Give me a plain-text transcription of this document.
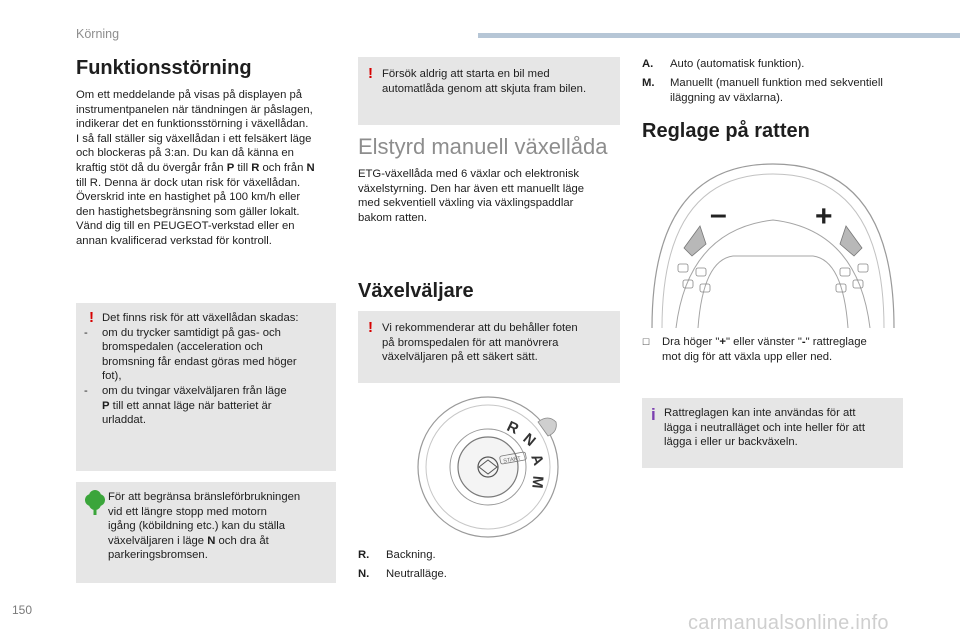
Körning
Funktionsstörning
Om ett meddelande på visas på displayen på
instrumentpanelen när tändningen är påslagen,
indikerar det en funktionsstörning i växellådan.
I så fall ställer sig växellådan i ett felsäkert läge
och blockeras på 3:an. Du kan då känna en
kraftig stöt då du övergår från P till R och från N
till R. Denna är dock utan risk för växellådan.
Överskrid inte en hastighet på 100 km/h eller
den hastighetsbegränsning som gäller lokalt.
Vänd dig till en PEUGEOT-verkstad eller en
annan kvalificerad verkstad för kontroll.
! Det finns risk för att växellådan skadas:
- om du trycker samtidigt på gas- och
bromspedalen (acceleration och
bromsning får endast göras med höger
fot),
- om du tvingar växelväljaren från läge
P till ett annat läge när batteriet är
urladdat.
För att begränsa bränsleförbrukningen
vid ett längre stopp med motorn
igång (köbildning etc.) kan du ställa
växelväljaren i läge N och dra åt
parkeringsbromsen.
! Försök aldrig att starta en bil med
automatlåda genom att skjuta fram bilen.
Elstyrd manuell växellåda
ETG-växellåda med 6 växlar och elektronisk
växelstyrning. Den har även ett manuellt läge
med sekventiell växling via växlingspaddlar
bakom ratten.
Växelväljare
! Vi rekommenderar att du behåller foten
på bromspedalen för att manövrera
växelväljaren på ett säkert sätt.
START
R
N
A
M
R. Backning.
N. Neutralläge.
A. Auto (automatisk funktion).
M. Manuellt (manuell funktion med sekventiell
iläggning av växlarna).
Reglage på ratten
–	+
☐ Dra höger "+" eller vänster "-" rattreglage
mot dig för att växla upp eller ned.
i Rattreglagen kan inte användas för att
lägga i neutralläget och inte heller för att
lägga i eller ur backväxeln.
150
carmanualsonline.info
